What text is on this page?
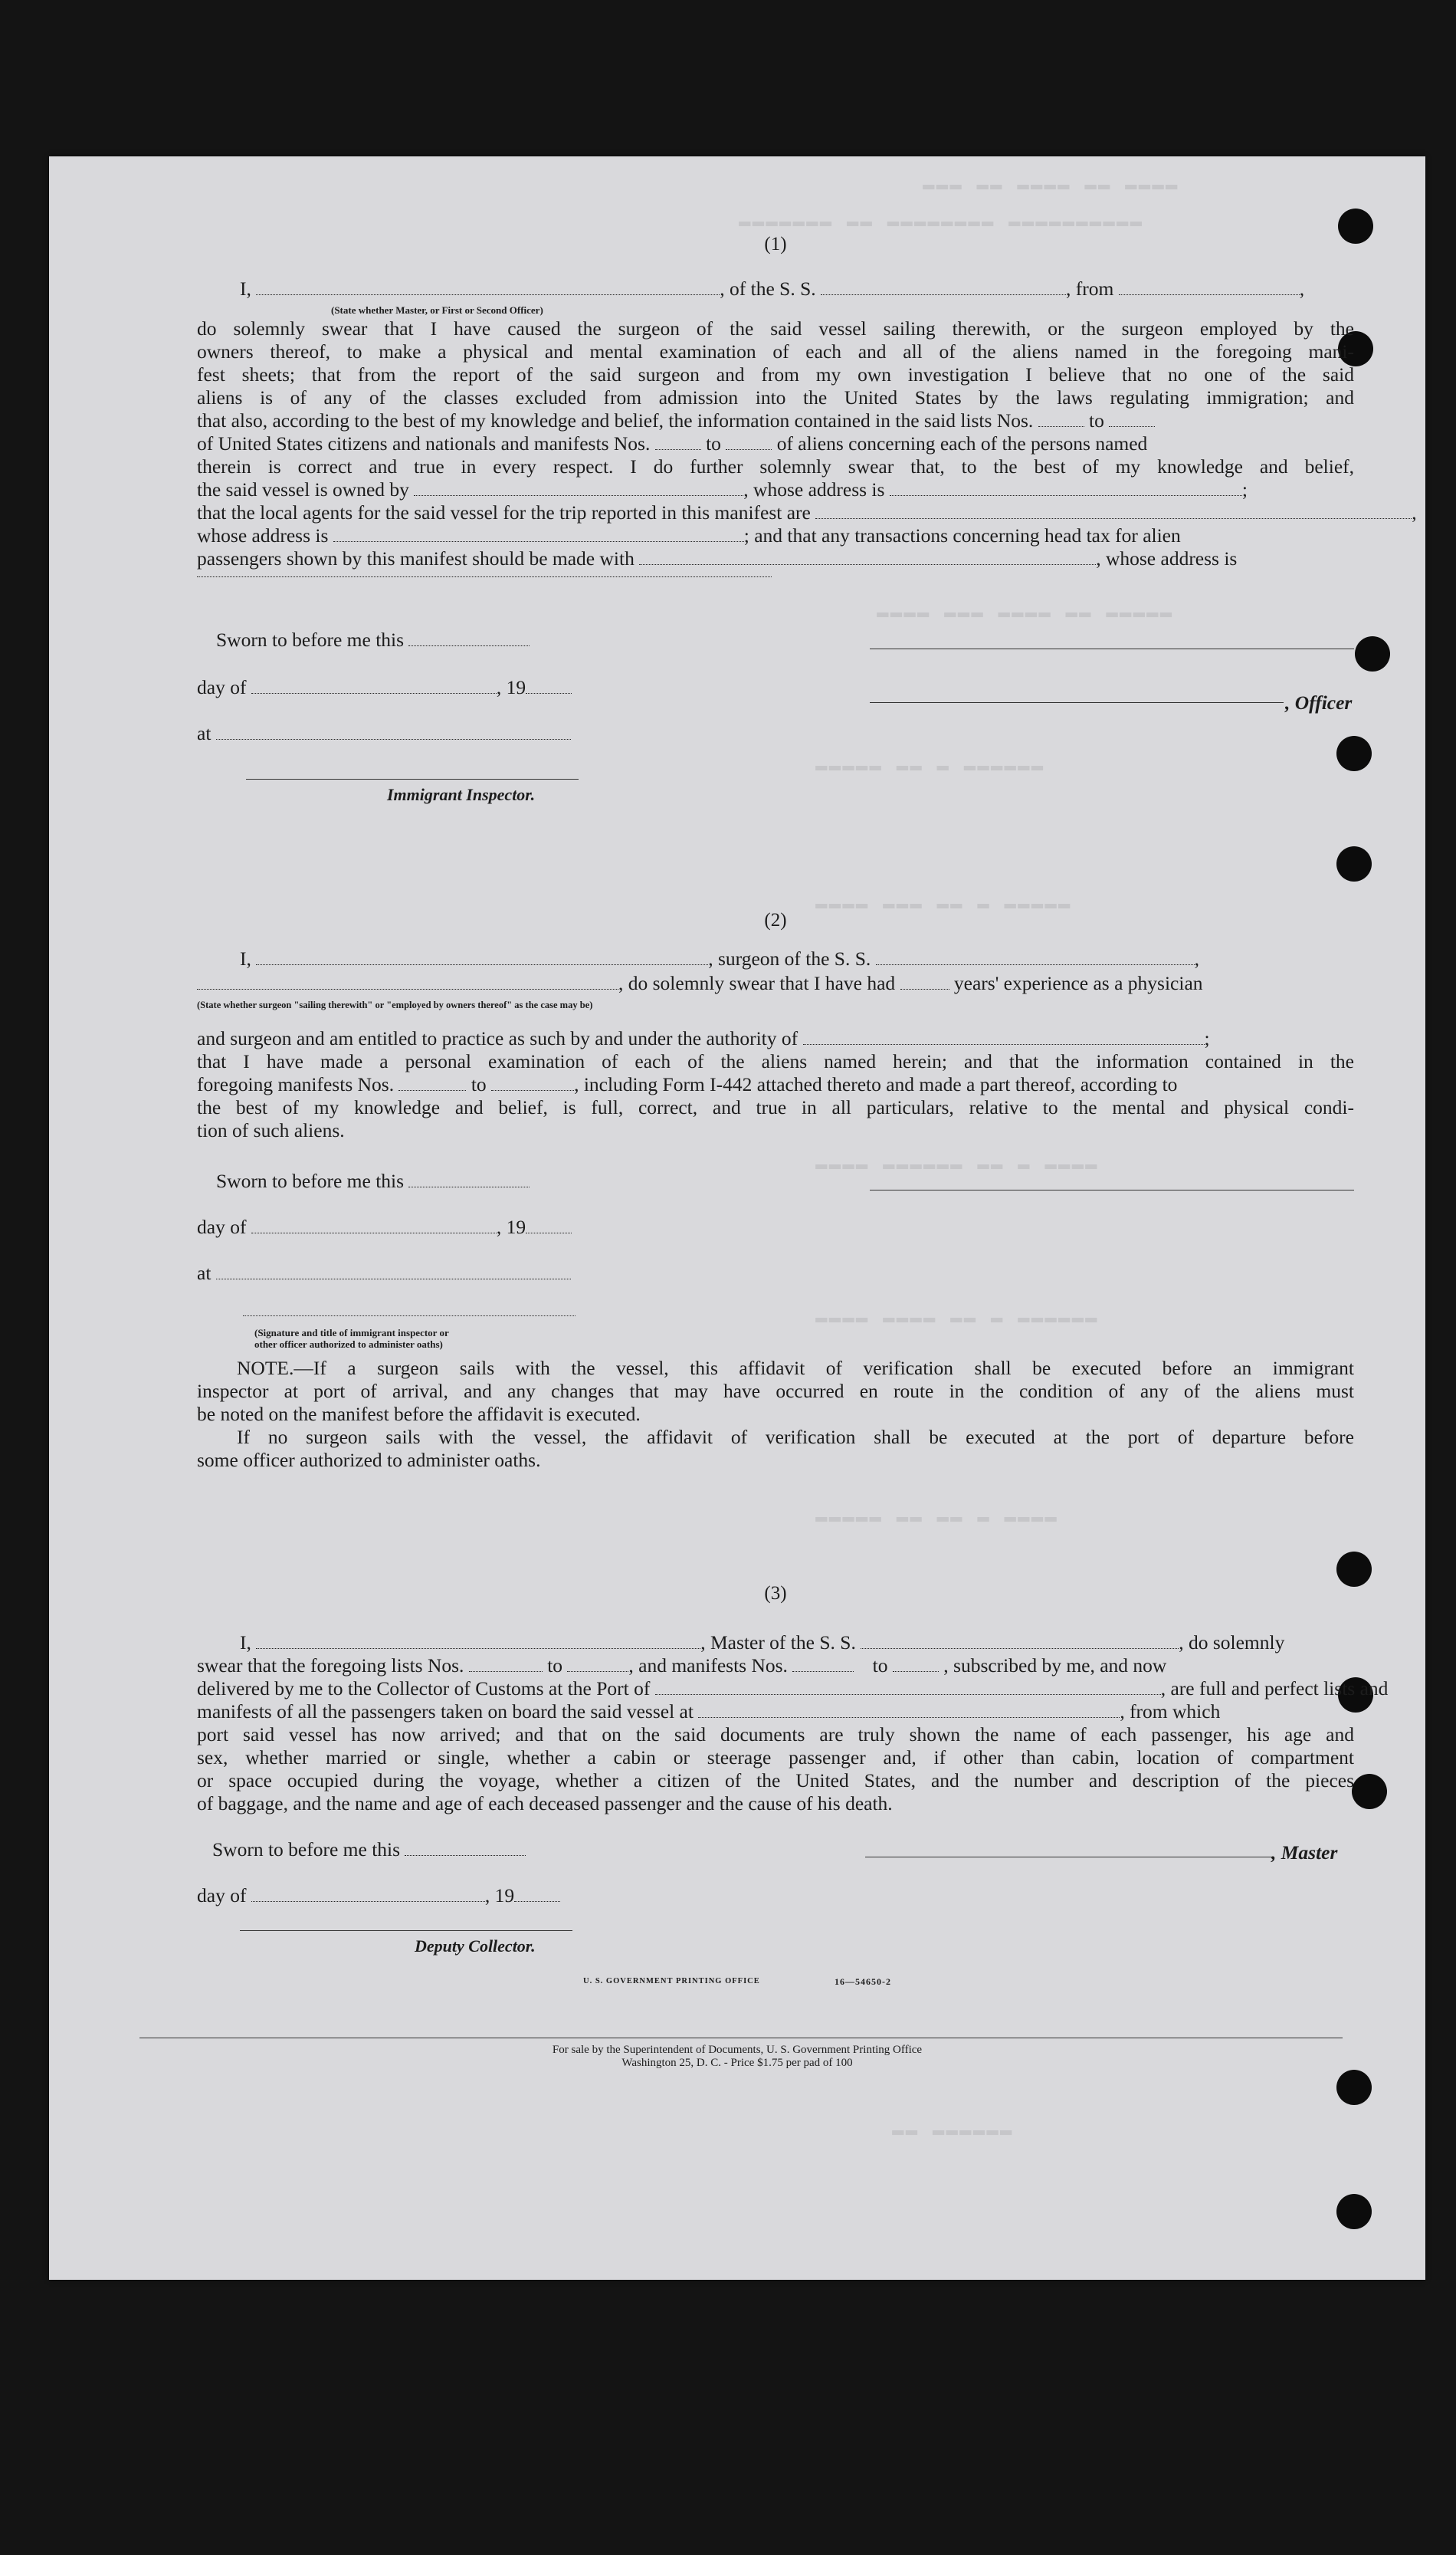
▬▬▬ ▬▬ ▬▬▬▬ ▬▬ ▬▬▬▬
▬▬▬▬▬▬▬ ▬▬ ▬▬▬▬▬▬▬▬ ▬▬▬▬▬▬▬▬▬▬
▬▬▬▬ ▬▬▬ ▬▬▬▬ ▬▬ ▬▬▬▬▬
▬▬▬▬▬ ▬▬ ▬ ▬▬▬▬▬▬
▬▬▬▬ ▬▬▬ ▬▬ ▬ ▬▬▬▬▬
▬▬▬▬ ▬▬▬▬▬▬ ▬▬ ▬ ▬▬▬▬
▬▬▬▬ ▬▬▬▬ ▬▬ ▬ ▬▬▬▬▬▬
▬▬▬▬▬ ▬▬ ▬▬ ▬ ▬▬▬▬
▬▬ ▬▬▬▬▬▬
(1)
I,	, of the S. S.	, from	,
(State whether Master, or First or Second Officer)
do solemnly swear that I have caused the surgeon of the said vessel sailing therewith, or the surgeon employed by the
owners thereof, to make a physical and mental examination of each and all of the aliens named in the foregoing mani-
fest sheets; that from the report of the said surgeon and from my own investigation I believe that no one of the said
aliens is of any of the classes excluded from admission into the United States by the laws regulating immigration; and
that also, according to the best of my knowledge and belief, the information contained in the said lists Nos.	to
of United States citizens and nationals and manifests Nos.	to	of aliens concerning each of the persons named
therein is correct and true in every respect. I do further solemnly swear that, to the best of my knowledge and belief,
the said vessel is owned by	, whose address is	;
that the local agents for the said vessel for the trip reported in this manifest are	,
whose address is	; and that any transactions concerning head tax for alien
passengers shown by this manifest should be made with	, whose address is
Sworn to before me this
day of	, 19
, Officer
at
Immigrant Inspector.
(2)
I,	, surgeon of the S. S.	,
, do solemnly swear that I have had	years' experience as a physician
(State whether surgeon "sailing therewith" or "employed by owners thereof" as the case may be)
and surgeon and am entitled to practice as such by and under the authority of	;
that I have made a personal examination of each of the aliens named herein; and that the information contained in the
foregoing manifests Nos.	to	, including Form I-442 attached thereto and made a part thereof, according to
the best of my knowledge and belief, is full, correct, and true in all particulars, relative to the mental and physical condi-
tion of such aliens.
Sworn to before me this
day of	, 19
at
(Signature and title of immigrant inspector or
other officer authorized to administer oaths)
NOTE.—If a surgeon sails with the vessel, this affidavit of verification shall be executed before an immigrant
inspector at port of arrival, and any changes that may have occurred en route in the condition of any of the aliens must
be noted on the manifest before the affidavit is executed.
If no surgeon sails with the vessel, the affidavit of verification shall be executed at the port of departure before
some officer authorized to administer oaths.
(3)
I,	, Master of the S. S.	, do solemnly
swear that the foregoing lists Nos.	to	, and manifests Nos.	to	, subscribed by me, and now
delivered by me to the Collector of Customs at the Port of	, are full and perfect lists and
manifests of all the passengers taken on board the said vessel at	, from which
port said vessel has now arrived; and that on the said documents are truly shown the name of each passenger, his age and
sex, whether married or single, whether a cabin or steerage passenger and, if other than cabin, location of compartment
or space occupied during the voyage, whether a citizen of the United States, and the number and description of the pieces
of baggage, and the name and age of each deceased passenger and the cause of his death.
Sworn to before me this	, Master
day of	, 19
Deputy Collector.
U. S. GOVERNMENT PRINTING OFFICE	16—54650-2
For sale by the Superintendent of Documents, U. S. Government Printing Office
Washington 25, D. C. - Price $1.75 per pad of 100
